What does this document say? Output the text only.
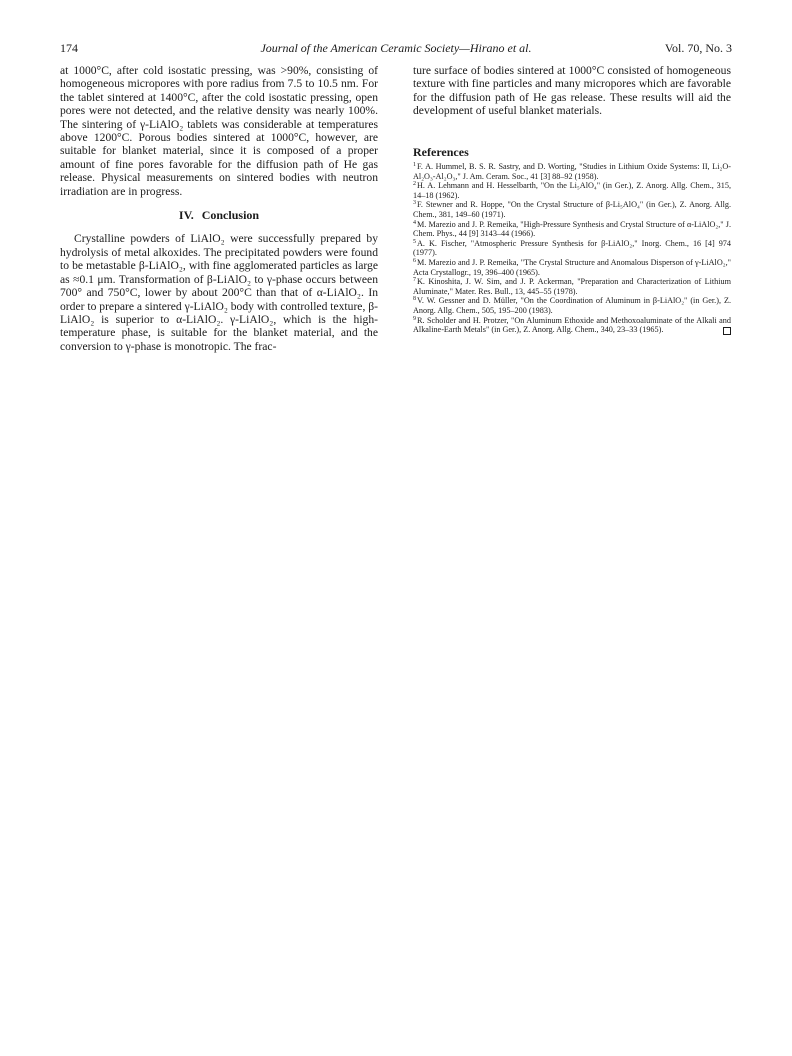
174	Journal of the American Ceramic Society—Hirano et al.	Vol. 70, No. 3

at 1000°C, after cold isostatic pressing, was >90%, consisting of homogeneous micropores with pore radius from 7.5 to 10.5 nm. For the tablet sintered at 1400°C, after the cold isostatic pressing, open pores were not detected, and the relative density was nearly 100%. The sintering of γ-LiAlO₂ tablets was considerable at temperatures above 1200°C. Porous bodies sintered at 1000°C, however, are suitable for blanket material, since it is composed of a proper amount of fine pores favorable for the diffusion path of He gas release. Physical measurements on sintered bodies with neutron irradiation are in progress.

IV. Conclusion

Crystalline powders of LiAlO₂ were successfully prepared by hydrolysis of metal alkoxides. The precipitated powders were found to be metastable β-LiAlO₂, with fine agglomerated particles as large as ≈0.1 μm. Transformation of β-LiAlO₂ to γ-phase occurs between 700° and 750°C, lower by about 200°C than that of α-LiAlO₂. In order to prepare a sintered γ-LiAlO₂ body with controlled texture, β-LiAlO₂ is superior to α-LiAlO₂. γ-LiAlO₂, which is the high-temperature phase, is suitable for the blanket material, and the conversion to γ-phase is monotropic. The frac-

ture surface of bodies sintered at 1000°C consisted of homogeneous texture with fine particles and many micropores which are favorable for the diffusion path of He gas release. These results will aid the development of useful blanket materials.

References

$^1$F. A. Hummel, B. S. R. Sastry, and D. Worting, "Studies in Lithium Oxide Systems: II, Li₂O-Al₂O₃-Al₂O₃," J. Am. Ceram. Soc., 41 [3] 88–92 (1958).

$^2$H. A. Lehmann and H. Hesselbarth, "On the Li₅AlO₄" (in Ger.), Z. Anorg. Allg. Chem., 315, 14–18 (1962).

$^3$F. Stewner and R. Hoppe, "On the Crystal Structure of β-Li₅AlO₄" (in Ger.), Z. Anorg. Allg. Chem., 381, 149–60 (1971).

$^4$M. Marezio and J. P. Remeika, "High-Pressure Synthesis and Crystal Structure of α-LiAlO₂," J. Chem. Phys., 44 [9] 3143–44 (1966).

$^5$A. K. Fischer, "Atmospheric Pressure Synthesis for β-LiAlO₂," Inorg. Chem., 16 [4] 974 (1977).

$^6$M. Marezio and J. P. Remeika, "The Crystal Structure and Anomalous Disperson of γ-LiAlO₂," Acta Crystallogr., 19, 396–400 (1965).

$^7$K. Kinoshita, J. W. Sim, and J. P. Ackerman, "Preparation and Characterization of Lithium Aluminate," Mater. Res. Bull., 13, 445–55 (1978).

$^8$V. W. Gessner and D. Müller, "On the Coordination of Aluminum in β-LiAlO₂" (in Ger.), Z. Anorg. Allg. Chem., 505, 195–200 (1983).

$^9$R. Scholder and H. Protzer, "On Aluminum Ethoxide and Methoxoaluminate of the Alkali and Alkaline-Earth Metals" (in Ger.), Z. Anorg. Allg. Chem., 340, 23–33 (1965).
